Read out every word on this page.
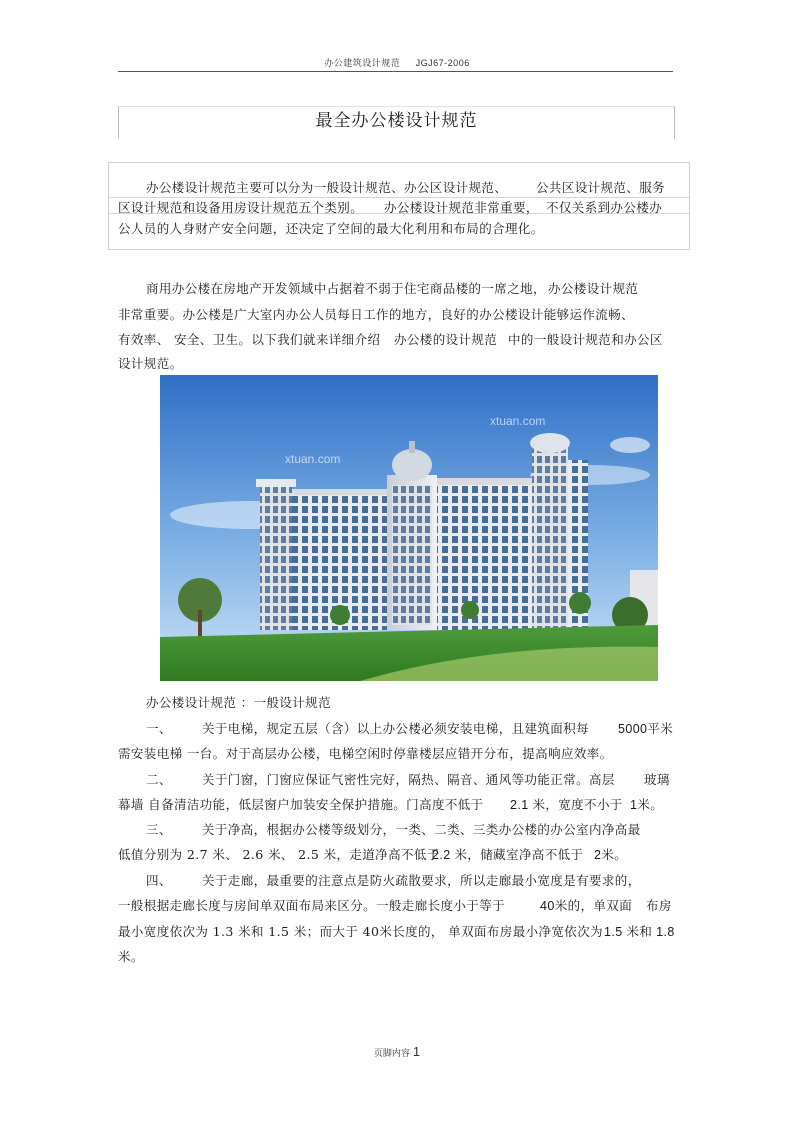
办公建筑设计规范 JGJ67-2006
最全办公楼设计规范
办公楼设计规范主要可以分为一般设计规范、办公区设计规范、 公共区设计规范、服务
区设计规范和设备用房设计规范五个类别。 办公楼设计规范非常重要， 不仅关系到办公楼办
公人员的人身财产安全问题，还决定了空间的最大化利用和布局的合理化。
商用办公楼在房地产开发领域中占据着不弱于住宅商品楼的一席之地， 办公楼设计规范
非常重要。办公楼是广大室内办公人员每日工作的地方，良好的办公楼设计能够运作流畅、
有效率、 安全、卫生。以下我们就来详细介绍 办公楼的设计规范 中的一般设计规范和办公区
设计规范。
xtuan.com
xtuan.com
办公楼设计规范 ：一般设计规范
一、 关于电梯，规定五层（含）以上办公楼必须安装电梯，且建筑面积每 5000平米
需安装电梯 一台。对于高层办公楼，电梯空闲时停靠楼层应错开分布，提高响应效率。
二、 关于门窗，门窗应保证气密性完好，隔热、隔音、通风等功能正常。高层 玻璃
幕墙 自备清洁功能，低层窗户加装安全保护措施。门高度不低于 2.1 米，宽度不小于 1米。
三、 关于净高，根据办公楼等级划分，一类、二类、三类办公楼的办公室内净高最
低值分别为 2.7 米、 2.6 米、 2.5 米，走道净高不低于
2.2 米，储藏室净高不低于 2米。
四、 关于走廊，最重要的注意点是防火疏散要求，所以走廊最小宽度是有要求的，
一般根据走廊长度与房间单双面布局来区分。一般走廊长度小于等于	40米的，单双面 布房
最小宽度依次为 1.3 米和 1.5 米；而大于 40米长度的， 单双面布房最小净宽依次为 1.5 米和 1.8
米。
页脚内容 1
